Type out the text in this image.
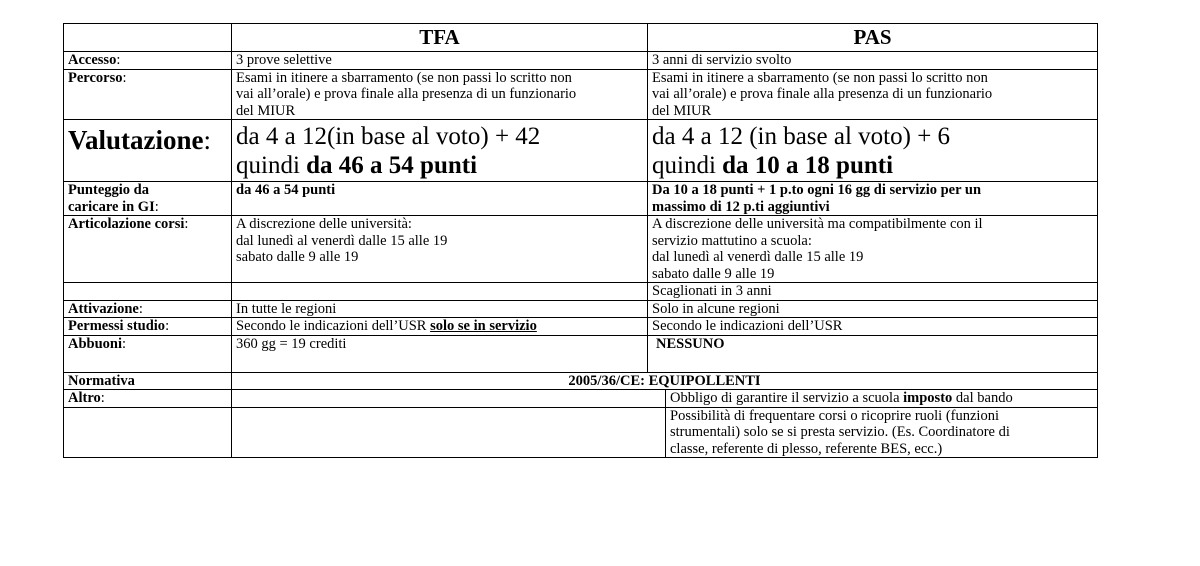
	TFA	PAS	
Accesso:	3 prove selettive	3 anni di servizio svolto	
Percorso:	Esami in itinere a sbarramento (se non passi lo scritto non
vai all’orale) e prova finale alla presenza di un funzionario
del MIUR	Esami in itinere a sbarramento (se non passi lo scritto non
vai all’orale) e prova finale alla presenza di un funzionario
del MIUR	

Valutazione:	da 4 a 12(in base al voto) + 42
quindi da 46 a 54 punti	da 4 a 12 (in base al voto) + 6
quindi da 10 a 18 punti	

Punteggio da
caricare in GI:	da 46 a 54 punti	Da 10 a 18 punti + 1 p.to ogni 16 gg di servizio per un
massimo di 12 p.ti aggiuntivi	

Articolazione corsi:	A discrezione delle università:
dal lunedì al venerdì dalle 15 alle 19
sabato dalle 9 alle 19	A discrezione delle università ma compatibilmente con il
servizio mattutino a scuola:
dal lunedì al venerdì dalle 15 alle 19
sabato dalle 9 alle 19	

		Scaglionati in 3 anni	
Attivazione:	In tutte le regioni	Solo in alcune regioni	
Permessi studio:	Secondo le indicazioni dell’USR solo se in servizio	Secondo le indicazioni dell’USR	
Abbuoni:	360 gg = 19 crediti	NESSUNO	
Normativa	2005/36/CE: EQUIPOLLENTI		
Altro:			Obbligo di garantire il servizio a scuola imposto dal bando

			Possibilità di frequentare corsi o ricoprire ruoli (funzioni
strumentali) solo se si presta servizio. (Es. Coordinatore di
classe, referente di plesso, referente BES, ecc.)
